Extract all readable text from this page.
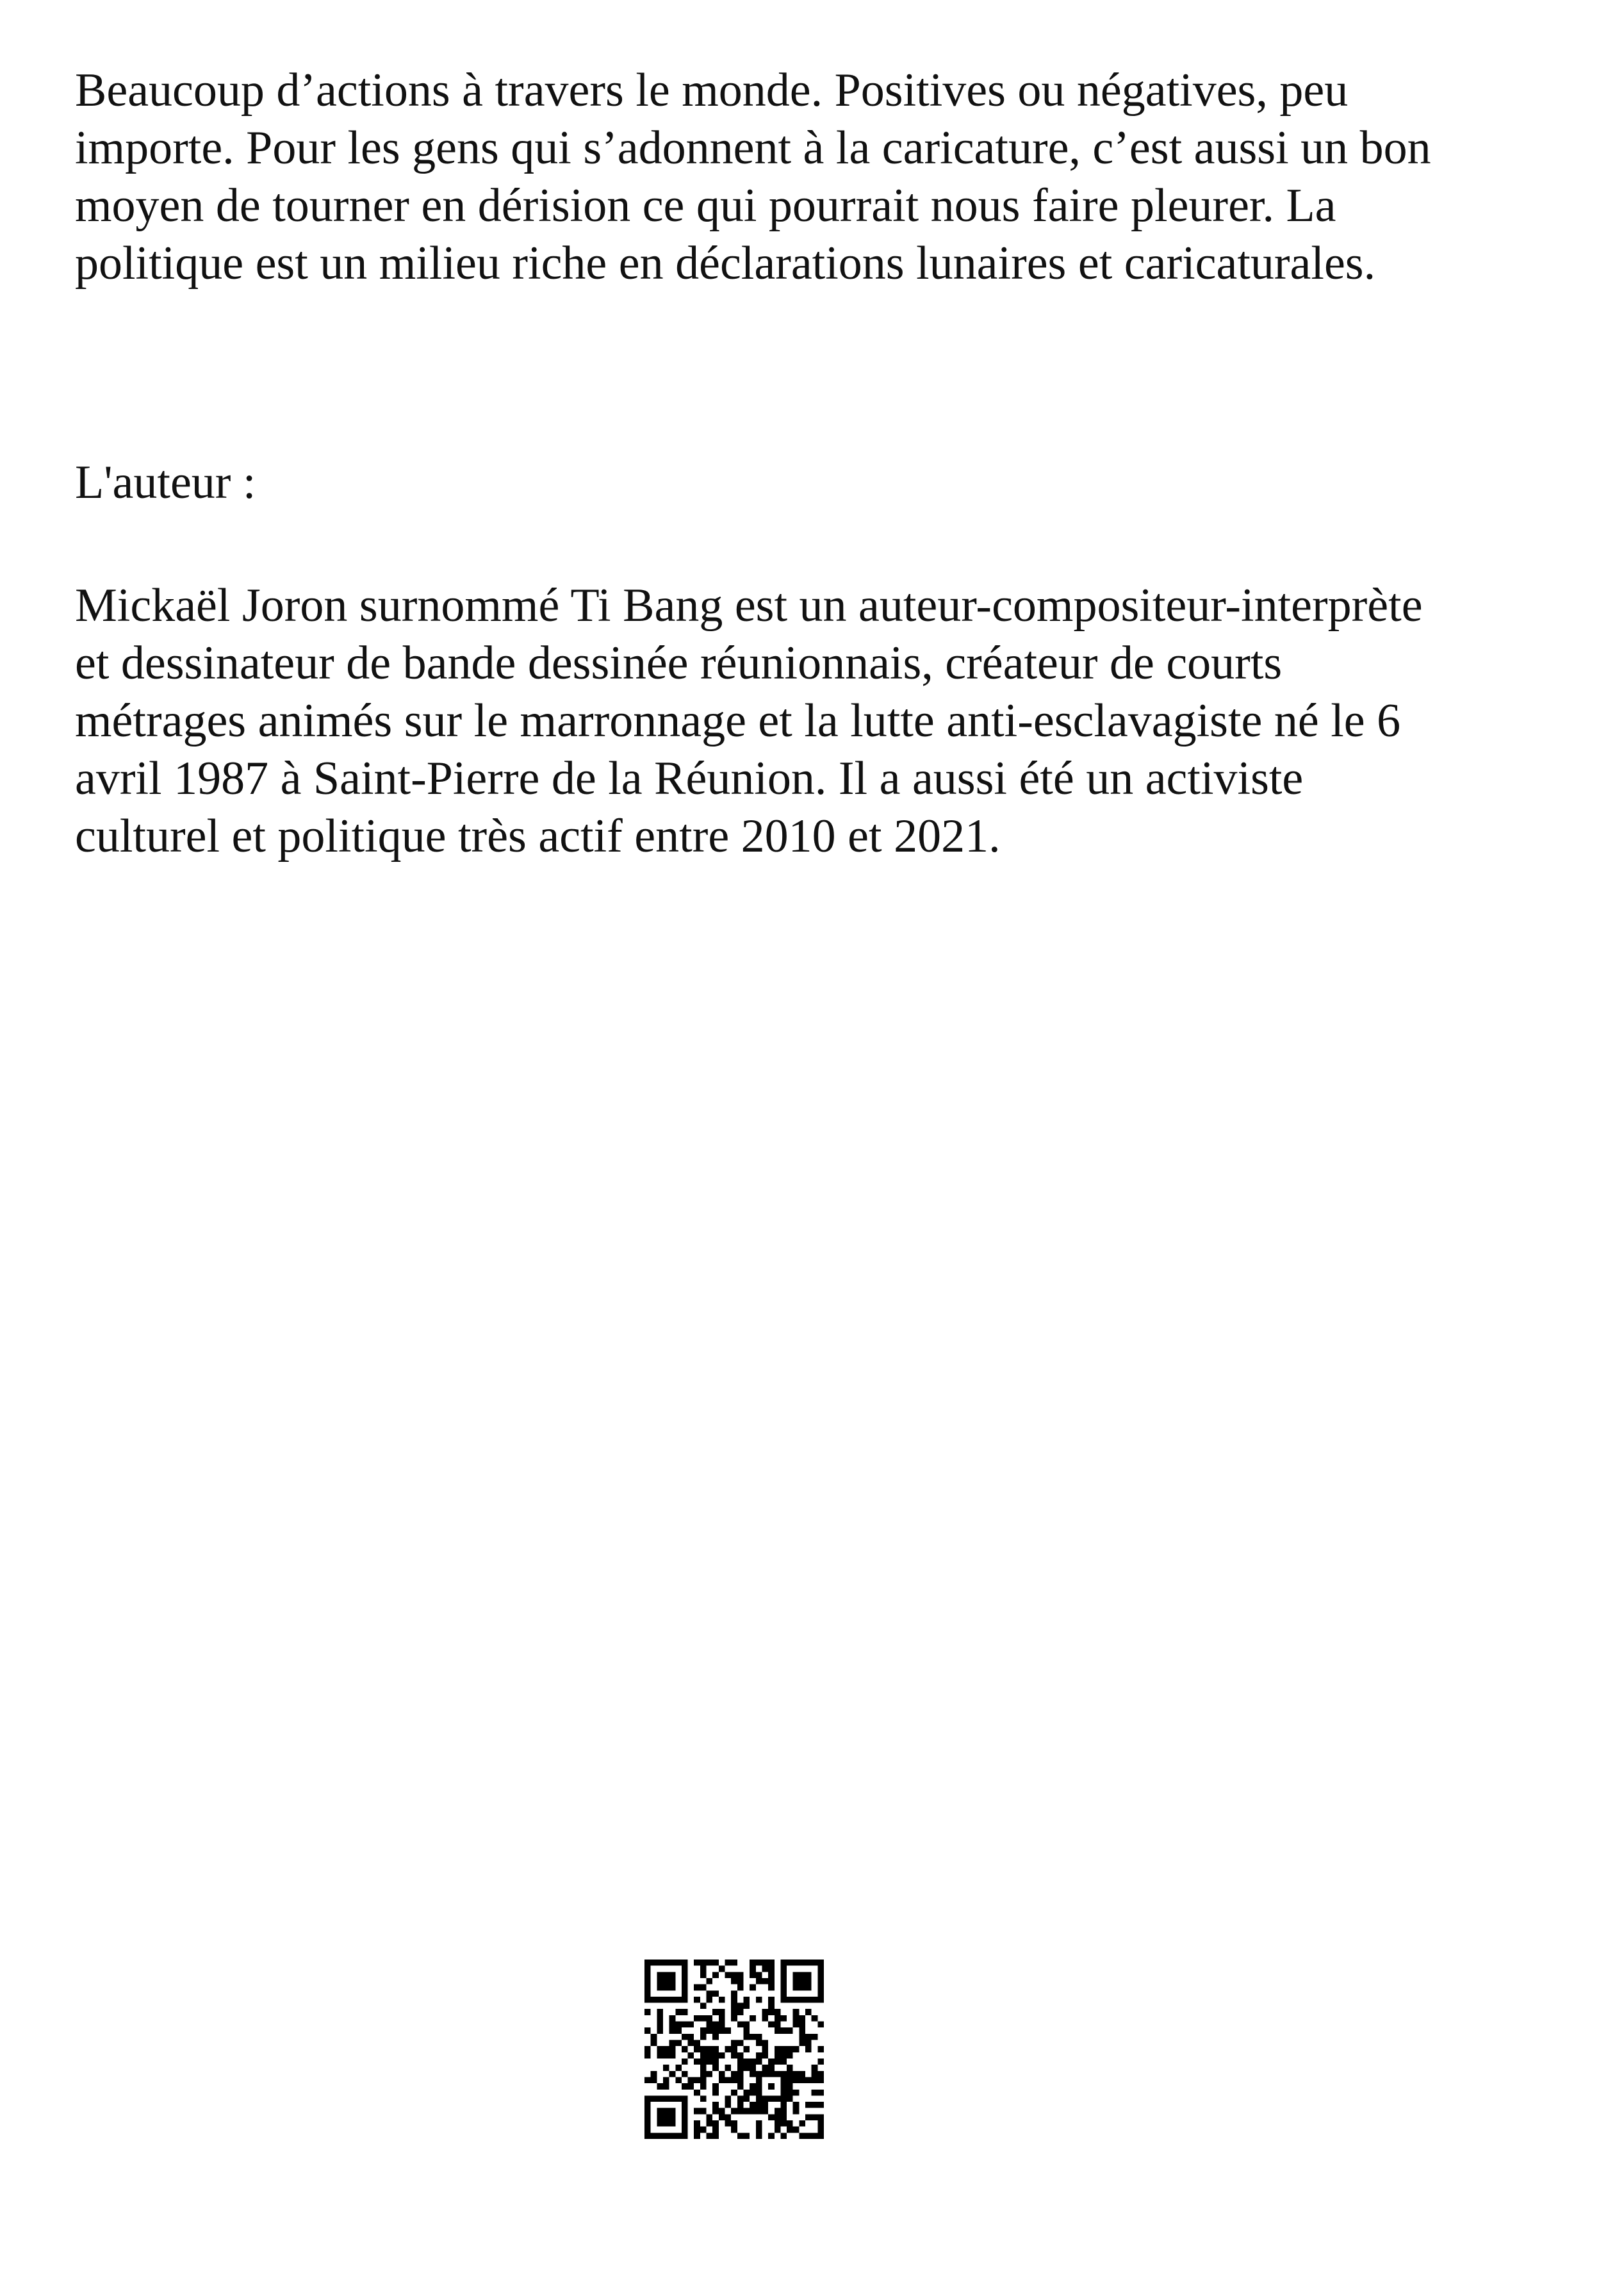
Beaucoup d’actions à travers le monde. Positives ou négatives, peu
importe. Pour les gens qui s’adonnent à la caricature, c’est aussi un bon
moyen de tourner en dérision ce qui pourrait nous faire pleurer. La
politique est un milieu riche en déclarations lunaires et caricaturales.
L'auteur :
Mickaël Joron surnommé Ti Bang est un auteur-compositeur-interprète
et dessinateur de bande dessinée réunionnais, créateur de courts
métrages animés sur le marronnage et la lutte anti-esclavagiste né le 6
avril 1987 à Saint-Pierre de la Réunion. Il a aussi été un activiste
culturel et politique très actif entre 2010 et 2021.
